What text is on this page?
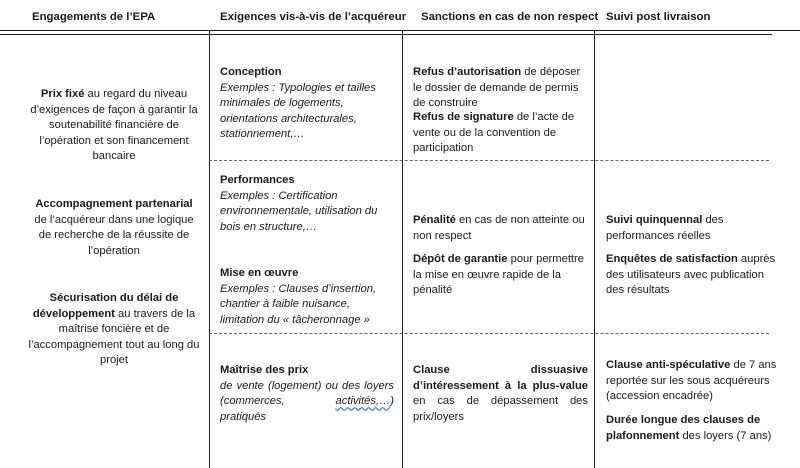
Engagements de l’EPA	Exigences vis-à-vis de l’acquéreur Sanctions en cas de non respect Suivi post livraison
Prix fixé au regard du niveau d’exigences de façon à garantir la soutenabilité financière de l’opération et son financement bancaire
Accompagnement partenarial de l’acquéreur dans une logique de recherche de la réussite de l’opération
Sécurisation du délai de développement au travers de la maîtrise foncière et de l’accompagnement tout au long du projet
Conception
Exemples : Typologies et tailles minimales de logements, orientations architecturales, stationnement,…
Performances
Exemples : Certification environnementale, utilisation du bois en structure,…
Mise en œuvre
Exemples : Clauses d’insertion, chantier à faible nuisance, limitation du « tâcheronnage »
Maîtrise des prix

de vente (logement) ou des loyers (commerces, activités,…) pratiqués
Refus d’autorisation de déposer le dossier de demande de permis de construire
Refus de signature de l’acte de vente ou de la convention de participation
Pénalité en cas de non atteinte ou non respect
Dépôt de garantie pour permettre la mise en œuvre rapide de la pénalité
Clause dissuasive d’intéressement à la plus-value en cas de dépassement des prix/loyers
Suivi quinquennal des performances réelles
Enquêtes de satisfaction auprès des utilisateurs avec publication des résultats
Clause anti-spéculative de 7 ans reportée sur les sous acquéreurs (accession encadrée)
Durée longue des clauses de plafonnement des loyers (7 ans)
